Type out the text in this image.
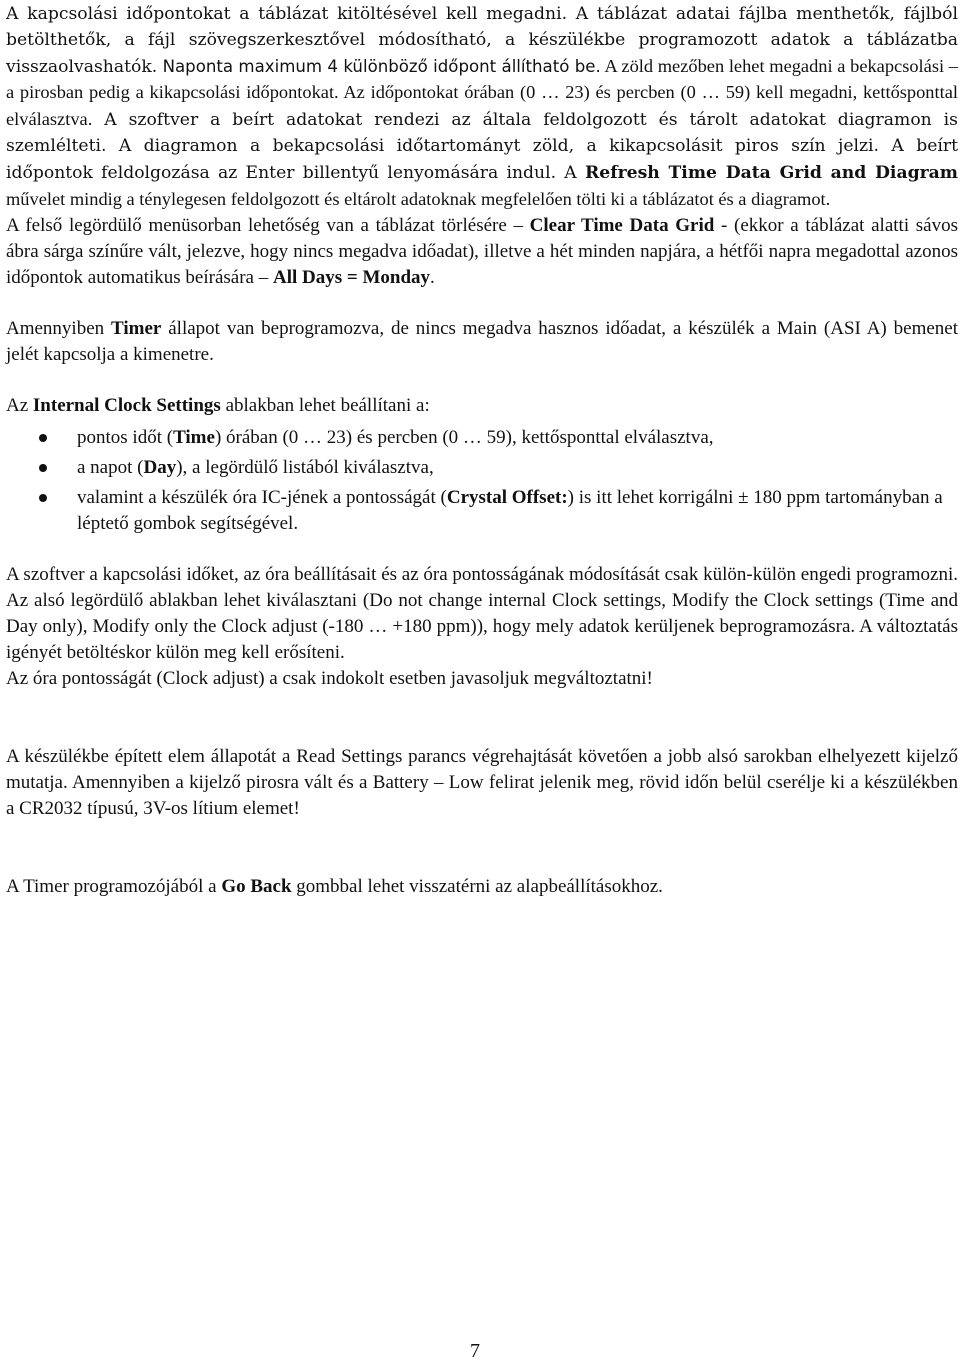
A kapcsolási időpontokat a táblázat kitöltésével kell megadni. A táblázat adatai fájlba menthetők, fájlból betölthetők, a fájl szövegszerkesztővel módosítható, a készülékbe programozott adatok a táblázatba visszaolvashatók. Naponta maximum 4 különböző időpont állítható be. A zöld mezőben lehet megadni a bekapcsolási – a pirosban pedig a kikapcsolási időpontokat. Az időpontokat órában (0 … 23) és percben (0 … 59) kell megadni, kettősponttal elválasztva. A szoftver a beírt adatokat rendezi az általa feldolgozott és tárolt adatokat diagramon is szemlélteti. A diagramon a bekapcsolási időtartományt zöld, a kikapcsolásit piros szín jelzi. A beírt időpontok feldolgozása az Enter billentyű lenyomására indul. A Refresh Time Data Grid and Diagram művelet mindig a ténylegesen feldolgozott és eltárolt adatoknak megfelelően tölti ki a táblázatot és a diagramot.

A felső legördülő menüsorban lehetőség van a táblázat törlésére – Clear Time Data Grid - (ekkor a táblázat alatti sávos ábra sárga színűre vált, jelezve, hogy nincs megadva időadat), illetve a hét minden napjára, a hétfői napra megadottal azonos időpontok automatikus beírására – All Days = Monday.

Amennyiben Timer állapot van beprogramozva, de nincs megadva hasznos időadat, a készülék a Main (ASI A) bemenet jelét kapcsolja a kimenetre.

Az Internal Clock Settings ablakban lehet beállítani a:

pontos időt (Time) órában (0 … 23) és percben (0 … 59), kettősponttal elválasztva,
a napot (Day), a legördülő listából kiválasztva,
valamint a készülék óra IC-jének a pontosságát (Crystal Offset:) is itt lehet korrigálni ± 180 ppm tartományban a léptető gombok segítségével.

A szoftver a kapcsolási időket, az óra beállításait és az óra pontosságának módosítását csak külön-külön engedi programozni. Az alsó legördülő ablakban lehet kiválasztani (Do not change internal Clock settings, Modify the Clock settings (Time and Day only), Modify only the Clock adjust (-180 … +180 ppm)), hogy mely adatok kerüljenek beprogramozásra. A változtatás igényét betöltéskor külön meg kell erősíteni.
Az óra pontosságát (Clock adjust) a csak indokolt esetben javasoljuk megváltoztatni!

A készülékbe épített elem állapotát a Read Settings parancs végrehajtását követően a jobb alsó sarokban elhelyezett kijelző mutatja. Amennyiben a kijelző pirosra vált és a Battery – Low felirat jelenik meg, rövid időn belül cserélje ki a készülékben a CR2032 típusú, 3V-os lítium elemet!

A Timer programozójából a Go Back gombbal lehet visszatérni az alapbeállításokhoz.

7
